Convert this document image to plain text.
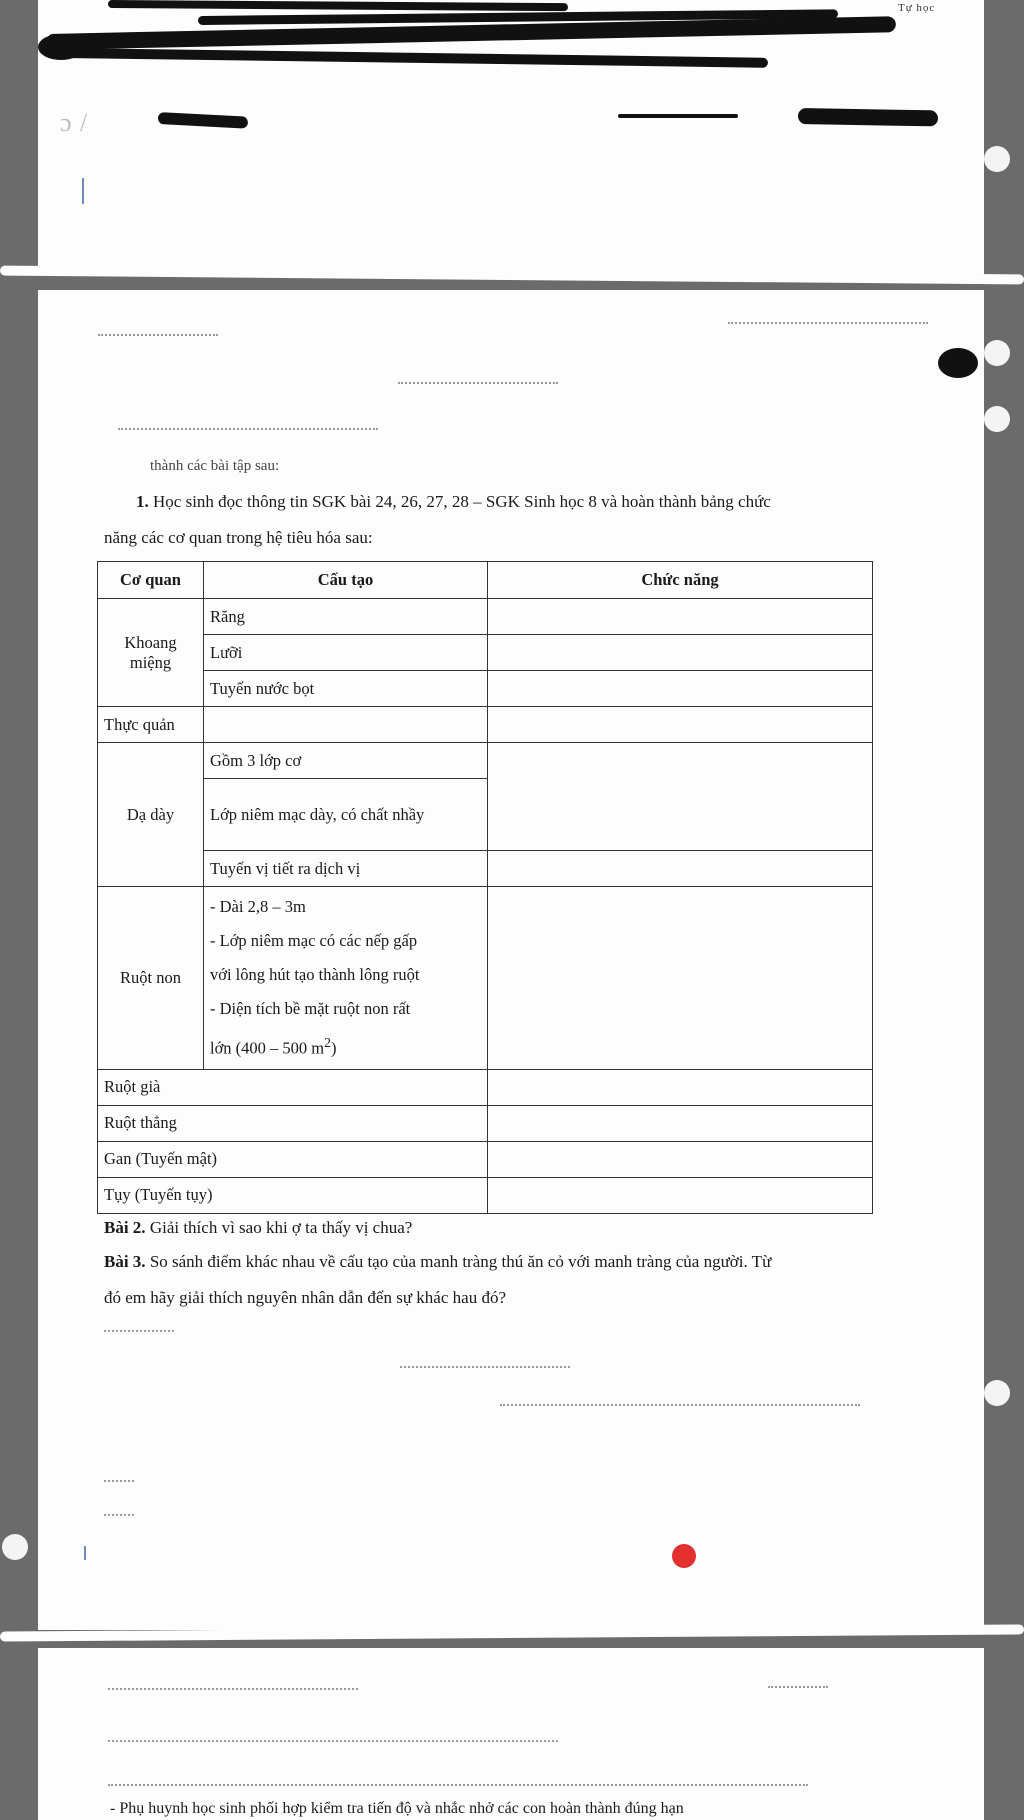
ɔ /
Tự học
thành các bài tập sau:
1. Học sinh đọc thông tin SGK bài 24, 26, 27, 28 – SGK Sinh học 8 và hoàn thành bảng chức
năng các cơ quan trong hệ tiêu hóa sau:
Cơ quan	Cấu tạo	Chức năng
Khoang miệng	Răng	
	Lưỡi	
	Tuyến nước bọt	
Thực quản		
Dạ dày	Gồm 3 lớp cơ	
	Lớp niêm mạc dày, có chất nhầy	
	Tuyến vị tiết ra dịch vị	
Ruột non	- Dài 2,8 – 3m
- Lớp niêm mạc có các nếp gấp
với lông hút tạo thành lông ruột
- Diện tích bề mặt ruột non rất
lớn (400 – 500 $m^2$)	

Ruột già		
Ruột thẳng		
Gan (Tuyến mật)		
Tụy (Tuyến tụy)		
Bài 2. Giải thích vì sao khi ợ ta thấy vị chua?
Bài 3. So sánh điểm khác nhau về cấu tạo của manh tràng thú ăn cỏ với manh tràng của người. Từ
đó em hãy giải thích nguyên nhân dẫn đến sự khác hau đó?
- Phụ huynh học sinh phối hợp kiểm tra tiến độ và nhắc nhở các con hoàn thành đúng hạn
